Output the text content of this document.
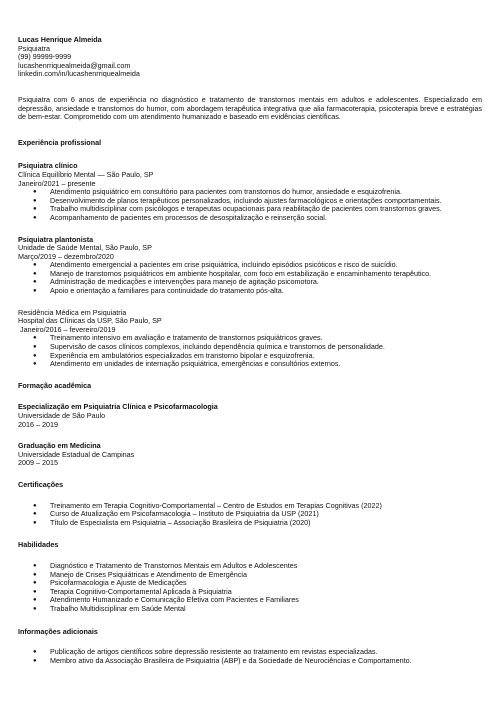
Lucas Henrique Almeida
Psiquiatra
(99) 99999-9999
lucashenrriquealmeida@gmail.com
linkedin.com/in/lucashenrriquealmeida
Psiquiatra com 6 anos de experiência no diagnóstico e tratamento de transtornos mentais em adultos e adolescentes. Especializado em depressão, ansiedade e transtornos do humor, com abordagem terapêutica integrativa que alia farmacoterapia, psicoterapia breve e estratégias de bem-estar. Comprometido com um atendimento humanizado e baseado em evidências científicas.
Experiência profissional
Psiquiatra clínico
Clínica Equilíbrio Mental — São Paulo, SP
Janeiro/2021 – presente
● Atendimento psiquiátrico em consultório para pacientes com transtornos do humor, ansiedade e esquizofrenia.
● Desenvolvimento de planos terapêuticos personalizados, incluindo ajustes farmacológicos e orientações comportamentais.
● Trabalho multidisciplinar com psicólogos e terapeutas ocupacionais para reabilitação de pacientes com transtornos graves.
● Acompanhamento de pacientes em processos de desospitalização e reinserção social.
Psiquiatra plantonista
Unidade de Saúde Mental, São Paulo, SP
Março/2019 – dezembro/2020
● Atendimento emergencial a pacientes em crise psiquiátrica, incluindo episódios psicóticos e risco de suicídio.
● Manejo de transtornos psiquiátricos em ambiente hospitalar, com foco em estabilização e encaminhamento terapêutico.
● Administração de medicações e intervenções para manejo de agitação psicomotora.
● Apoio e orientação a familiares para continuidade do tratamento pós-alta.
Residência Médica em Psiquiatria
Hospital das Clínicas da USP, São Paulo, SP
Janeiro/2016 – fevereiro/2019
● Treinamento intensivo em avaliação e tratamento de transtornos psiquiátricos graves.
● Supervisão de casos clínicos complexos, incluindo dependência química e transtornos de personalidade.
● Experiência em ambulatórios especializados em transtorno bipolar e esquizofrenia.
● Atendimento em unidades de internação psiquiátrica, emergências e consultórios externos.
Formação acadêmica
Especialização em Psiquiatria Clínica e Psicofarmacologia
Universidade de São Paulo
2016 – 2019
Graduação em Medicina
Universidade Estadual de Campinas
2009 – 2015
Certificações
● Treinamento em Terapia Cognitivo-Comportamental – Centro de Estudos em Terapias Cognitivas (2022)
● Curso de Atualização em Psicofarmacologia – Instituto de Psiquiatria da USP (2021)
● Título de Especialista em Psiquiatria – Associação Brasileira de Psiquiatria (2020)
Habilidades
● Diagnóstico e Tratamento de Transtornos Mentais em Adultos e Adolescentes
● Manejo de Crises Psiquiátricas e Atendimento de Emergência
● Psicofarmacologia e Ajuste de Medicações
● Terapia Cognitivo-Comportamental Aplicada à Psiquiatria
● Atendimento Humanizado e Comunicação Efetiva com Pacientes e Familiares
● Trabalho Multidisciplinar em Saúde Mental
Informações adicionais
● Publicação de artigos científicos sobre depressão resistente ao tratamento em revistas especializadas.
● Membro ativo da Associação Brasileira de Psiquiatria (ABP) e da Sociedade de Neurociências e Comportamento.
